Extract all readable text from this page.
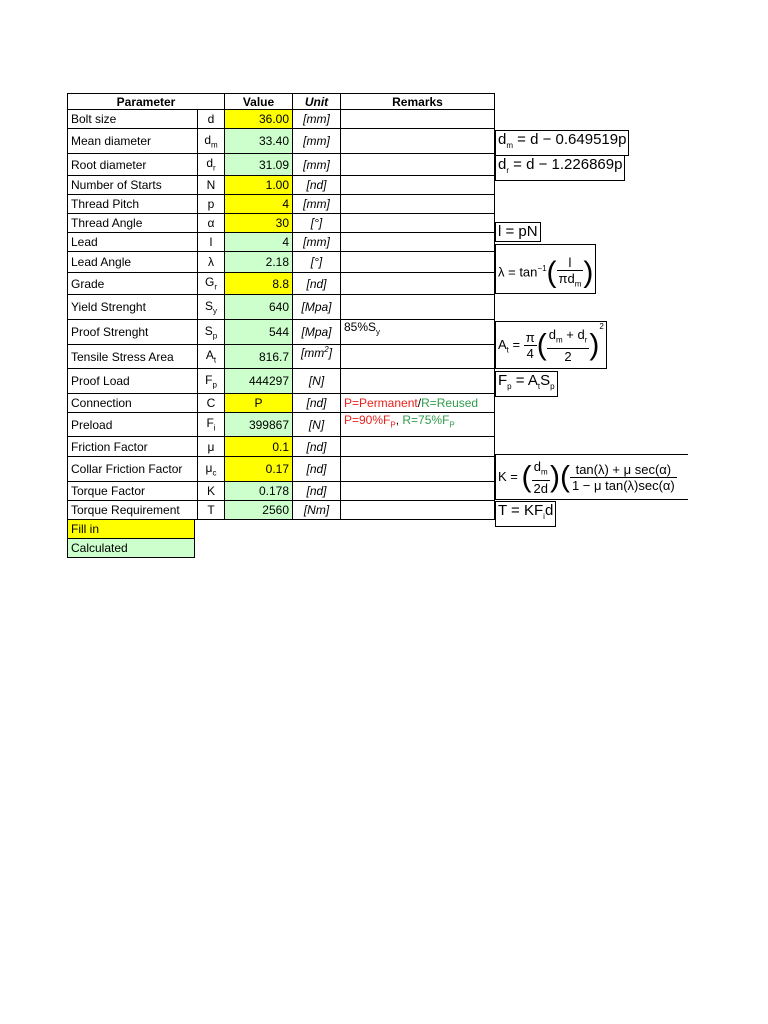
Parameter		Value	Unit	Remarks
Bolt size	d	36.00	[mm]	
Mean diameter	$d_m$	33.40	[mm]	
Root diameter	$d_r$	31.09	[mm]	
Number of Starts	N	1.00	[nd]	
Thread Pitch	p	4	[mm]	
Thread Angle	α	30	[°]	
Lead	l	4	[mm]	
Lead Angle	λ	2.18	[°]	
Grade	$G_r$	8.8	[nd]	
Yield Strenght	$S_y$	640	[Mpa]	
Proof Strenght	$S_p$	544	[Mpa]	$85\%S_y$
Tensile Stress Area	$A_t$	816.7	$[mm^2]$	
Proof Load	$F_p$	444297	[N]	
Connection	C	P	[nd]	P=Permanent/R=Reused
Preload	$F_i$	399867	[N]	$P=90\%F_P$, $R=75\%F_P$
Friction Factor	μ	0.1	[nd]	
Collar Friction Factor	$\mu_c$	0.17	[nd]	
Torque Factor	K	0.178	[nd]	
Torque Requirement	T	2560	[Nm]	
Fill in
Calculated
$d_m = d - 0.649519p$
$d_r = d - 1.226869p$
l = pN
$\lambda = \tan^{-1}( \frac{l}{\pi d_m}$ )
$A_t = \frac{\pi}{4}$ ( $\frac{d_m + d_r}{2} )^2$
$F_p = A_tS_p$
K = ( $\frac{d_m}{2d}$ )( $\frac{\text{tan(λ) + μ sec(α)}}{\text{1 − μ tan(λ)sec(α)}}$
$T = KF_id$
